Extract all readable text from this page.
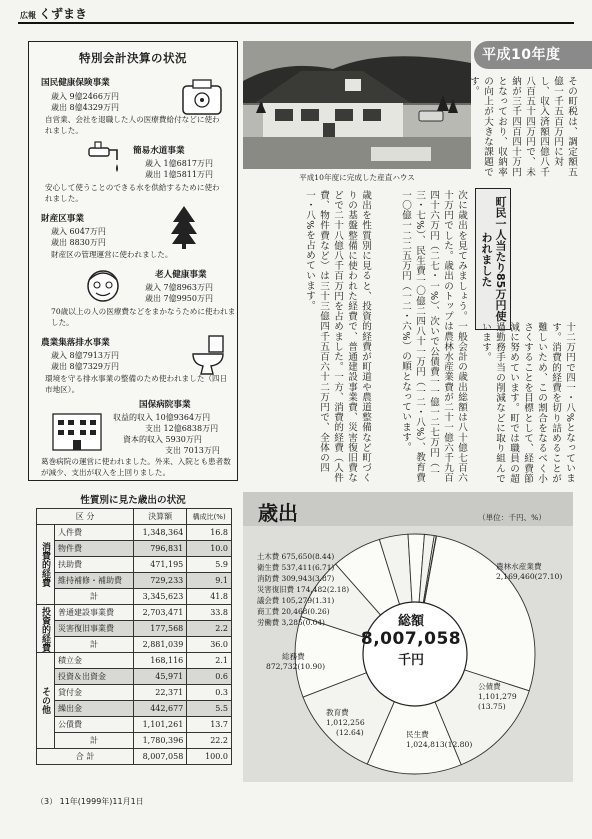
広報 くずまき
特別会計決算の状況
国民健康保険事業
歳入 9億2466万円
歳出 8億4329万円
自営業、会社を退職した人の医療費給付などに使われました。
簡易水道事業
歳入 1億6817万円
歳出 1億5811万円
安心して使うことのできる水を供給するために使われました。
財産区事業
歳入 6047万円
歳出 8830万円
財産区の管理運営に使われました。
老人健康事業
歳入 7億8963万円
歳出 7億9950万円
70歳以上の人の医療費などをまかなうために使われました。
農業集落排水事業
歳入 8億7913万円
歳出 8億7329万円
環境を守る排水事業の整備のため使われました（四日市地区）。
国保病院事業
収益的収入 10億9364万円
支出 12億6838万円
資本的収入 5930万円
支出 7013万円
葛巻病院の運営に使われました。外来、入院とも患者数が減少、支出が収入を上回りました。
平成10年度に完成した産直ハウス
平成10年度
その町税は、調定額五億一千五百万円に対し、収入済額四億八千八百五十四万円で、未納が三千四百四十万円となっており、収納率の向上が大きな課題です。
町民一人当たり85万円使われました
次に歳出を見てみましょう。一般会計の歳出総額は八十億七百六十万円でした。歳出のトップは農林水産業費が二十一億六千九百四十六万円（二七・一%）、次いで公債費一一億一二七万円（一三・七%）、民生費一〇億二四八十一万円（一二・八%）、教育費一〇億一二二五万円（一二・六%）の順となっています。
歳出を性質別に見ると、投資的経費が町道や農道整備など町づくりの基盤整備に使われた経費で、普通建設事業費、災害復旧費などで二十八億八千百万円を占めました。一方、消費的経費（人件費、物件費など）は三十三億四千五百六十二万円で、全体の四一・八%を占めています。
十二万円で四一・八%となっています。消費的経費を切り詰めることが難しいため、この割合をなるべく小さくすることを目標として、経費節減に努めています。町では職員の超過勤務手当の削減などに取り組んでいます。
性質別に見た歳出の状況
区 分		決算額	構成比(%)
消費的経費	人件費	1,348,364	16.8
	物件費	796,831	10.0
	扶助費	471,195	5.9
	維持補修・補助費	729,233	9.1
	計	3,345,623	41.8
投資的経費	普通建設事業費	2,703,471	33.8
	災害復旧事業費	177,568	2.2
	計	2,881,039	36.0
その他	積立金	168,116	2.1
	投資＆出資金	45,971	0.6
	貸付金	22,371	0.3
	繰出金	442,677	5.5
	公債費	1,101,261	13.7
	計	1,780,396	22.2
合 計		8,007,058	100.0
歳出	（単位：千円、%）
土木費 675,650(8.44)
衛生費 537,411(6.71)
消防費 309,943(3.87)
災害復旧費 174,482(2.18)
議会費 105,279(1.31)
商工費 20,468(0.26)
労働費 3,285(0.04)	総額
8,007,058
千円
農林水産業費
2,169,460(27.10)
公債費
1,101,279
(13.75)
民生費
1,024,813(12.80)
教育費
1,012,256
(12.64)
総務費
872,732(10.90)
（3） 11年(1999年)11月1日
